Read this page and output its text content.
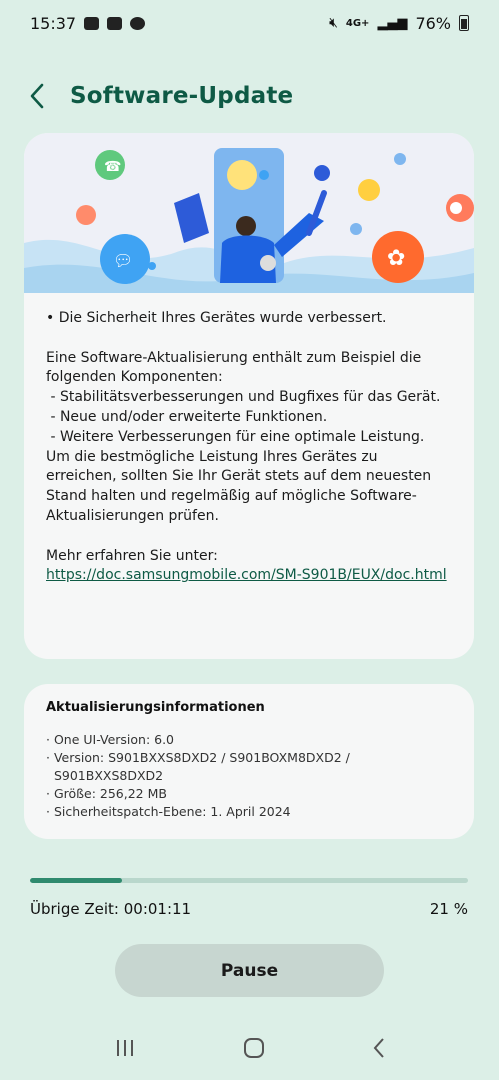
15:37	🔇︎ 4G+ ▂▄▆ 76%
Software-Update
☎
💬︎	✿
• Die Sicherheit Ihres Gerätes wurde verbessert.

Eine Software-Aktualisierung enthält zum Beispiel die folgenden Komponenten:
- Stabilitätsverbesserungen und Bugfixes für das Gerät.
- Neue und/oder erweiterte Funktionen.
- Weitere Verbesserungen für eine optimale Leistung.
Um die bestmögliche Leistung Ihres Gerätes zu erreichen, sollten Sie Ihr Gerät stets auf dem neuesten Stand halten und regelmäßig auf mögliche Software-Aktualisierungen prüfen.

Mehr erfahren Sie unter:
https://doc.samsungmobile.com/SM-S901B/EUX/doc.html
Aktualisierungsinformationen
· One UI-Version: 6.0
· Version: S901BXXS8DXD2 / S901BOXM8DXD2 /
S901BXXS8DXD2
· Größe: 256,22 MB
· Sicherheitspatch-Ebene: 1. April 2024
Übrige Zeit: 00:01:11	21 %
Pause
